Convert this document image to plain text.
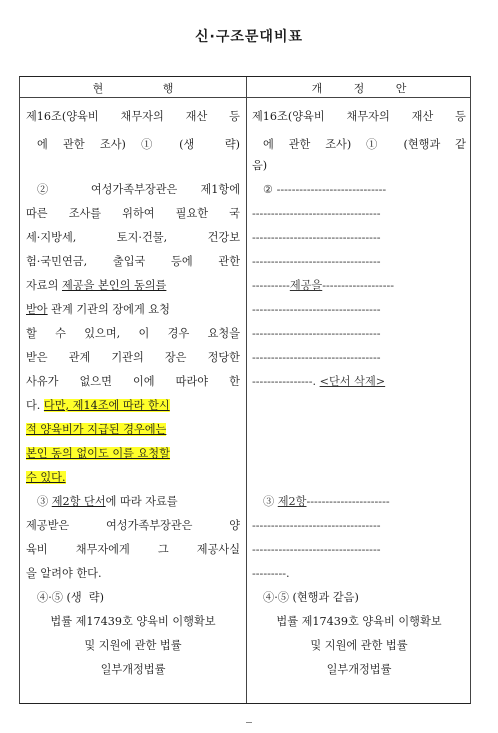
신·구조문대비표
현 행	개 정 안
제16조(양육비 채무자의 재산 등
에 관한 조사) ① (생  략)
② 여성가족부장관은 제1항에
따른 조사를 위하여 필요한 국
세·지방세, 토지·건물, 건강보
험·국민연금, 출입국 등에 관한
자료의 제공을 본인의 동의를
받아 관계 기관의 장에게 요청
할 수 있으며, 이 경우 요청을
받은 관계 기관의 장은 정당한
사유가 없으면 이에 따라야 한
다. 다만, 제14조에 따라 한시
적 양육비가 지급된 경우에는
본인 동의 없이도 이를 요청할
수 있다.
③ 제2항 단서에 따라 자료를
제공받은 여성가족부장관은 양
육비 채무자에게 그 제공사실
을 알려야 한다.
④·⑤ (생  략)
법률 제17439호 양육비 이행확보
및 지원에 관한 법률
일부개정법률
제16조(양육비 채무자의 재산 등
에 관한 조사) ① (현행과 같
음)
② -----------------------------
----------------------------------
----------------------------------
----------------------------------
----------제공을-------------------
----------------------------------
----------------------------------
----------------------------------
----------------. <단서 삭제>
③ 제2항----------------------
----------------------------------
----------------------------------
---------.
④·⑤ (현행과 같음)
법률 제17439호 양육비 이행확보
및 지원에 관한 법률
일부개정법률
